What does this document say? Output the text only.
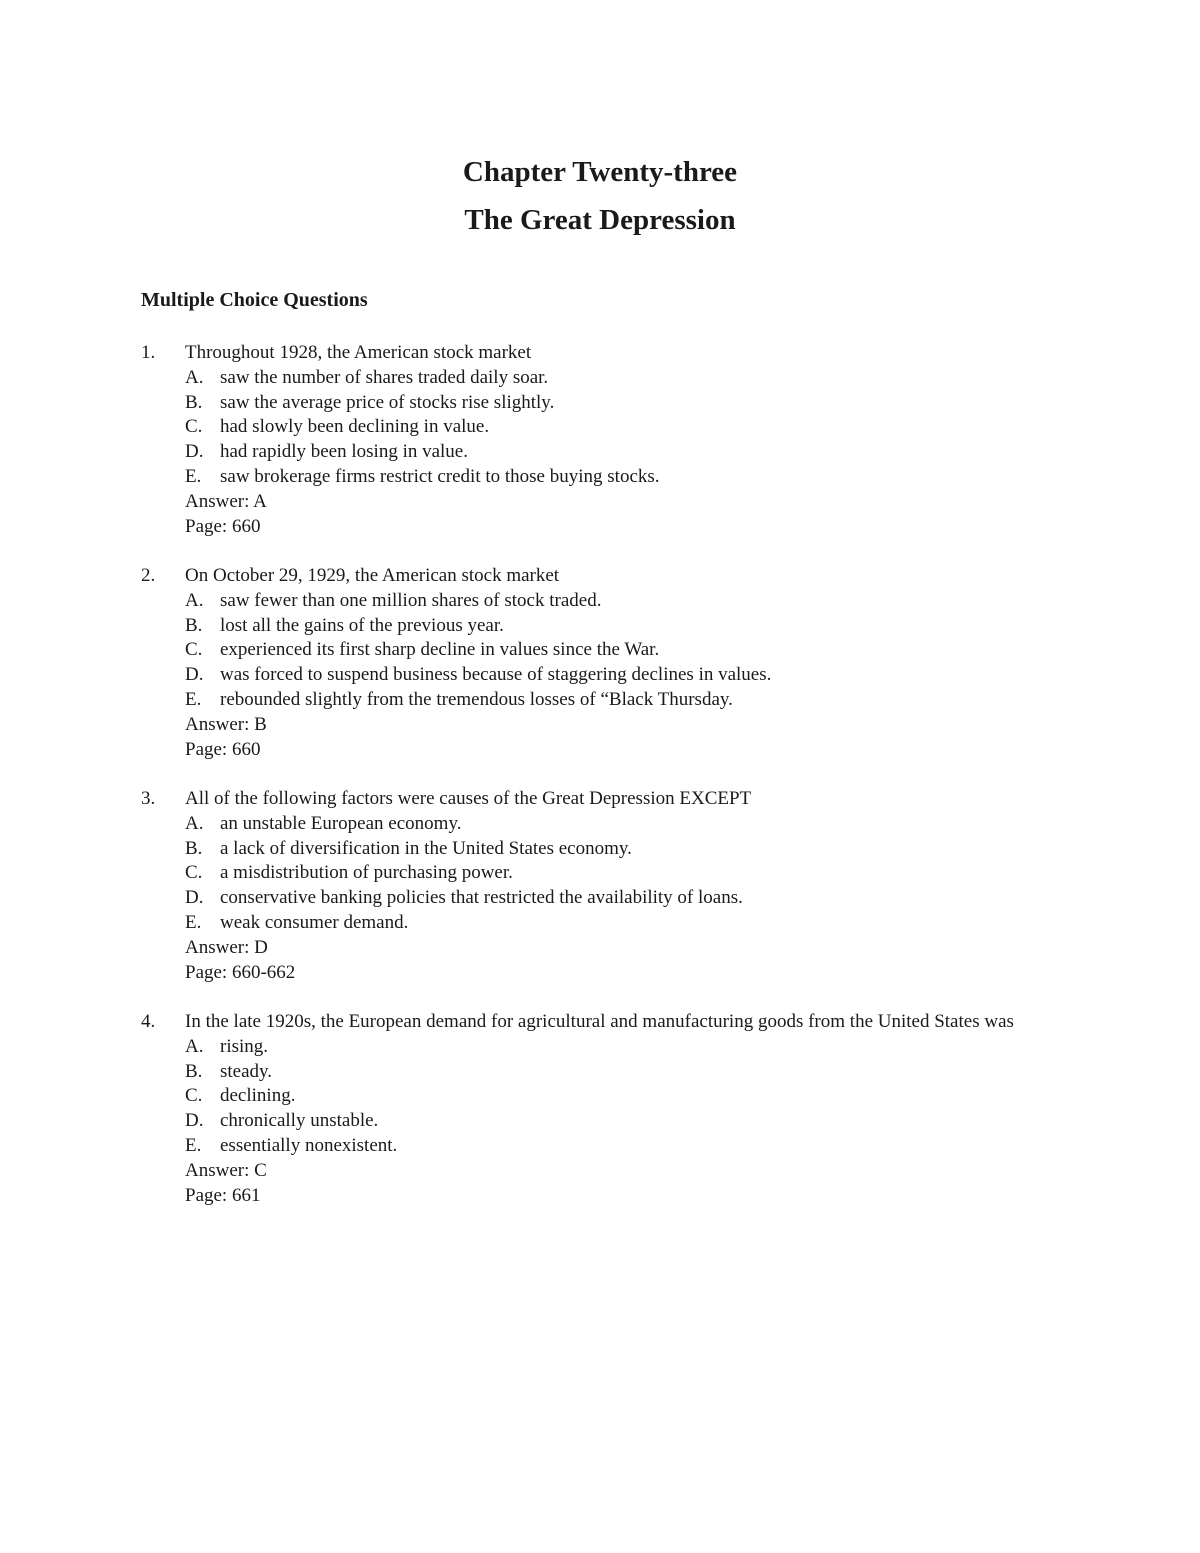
Chapter Twenty-three
The Great Depression
Multiple Choice Questions
1. Throughout 1928, the American stock market
A. saw the number of shares traded daily soar.
B. saw the average price of stocks rise slightly.
C. had slowly been declining in value.
D. had rapidly been losing in value.
E. saw brokerage firms restrict credit to those buying stocks.
Answer: A
Page: 660
2. On October 29, 1929, the American stock market
A. saw fewer than one million shares of stock traded.
B. lost all the gains of the previous year.
C. experienced its first sharp decline in values since the War.
D. was forced to suspend business because of staggering declines in values.
E. rebounded slightly from the tremendous losses of “Black Thursday.
Answer: B
Page: 660
3. All of the following factors were causes of the Great Depression EXCEPT
A. an unstable European economy.
B. a lack of diversification in the United States economy.
C. a misdistribution of purchasing power.
D. conservative banking policies that restricted the availability of loans.
E. weak consumer demand.
Answer: D
Page: 660-662
4. In the late 1920s, the European demand for agricultural and manufacturing goods from the United States was
A. rising.
B. steady.
C. declining.
D. chronically unstable.
E. essentially nonexistent.
Answer: C
Page: 661
